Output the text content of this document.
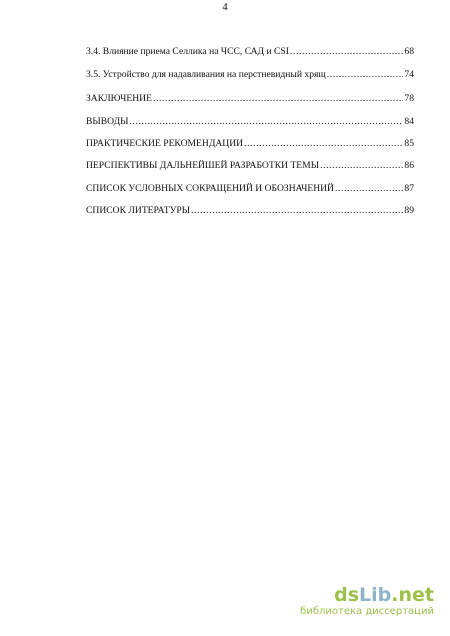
4
3.4. Влияние приема Селлика на ЧСС, САД и CSI .....	68
3.5. Устройство для надавливания на перстневидный хрящ .....	74
ЗАКЛЮЧЕНИЕ .....	78
ВЫВОДЫ .....	84
ПРАКТИЧЕСКИЕ РЕКОМЕНДАЦИИ .....	85
ПЕРСПЕКТИВЫ ДАЛЬНЕЙШЕЙ РАЗРАБОТКИ ТЕМЫ .....	86
СПИСОК УСЛОВНЫХ СОКРАЩЕНИЙ И ОБОЗНАЧЕНИЙ .....	87
СПИСОК ЛИТЕРАТУРЫ .....	89
dsLib.net
библиотека диссертаций
